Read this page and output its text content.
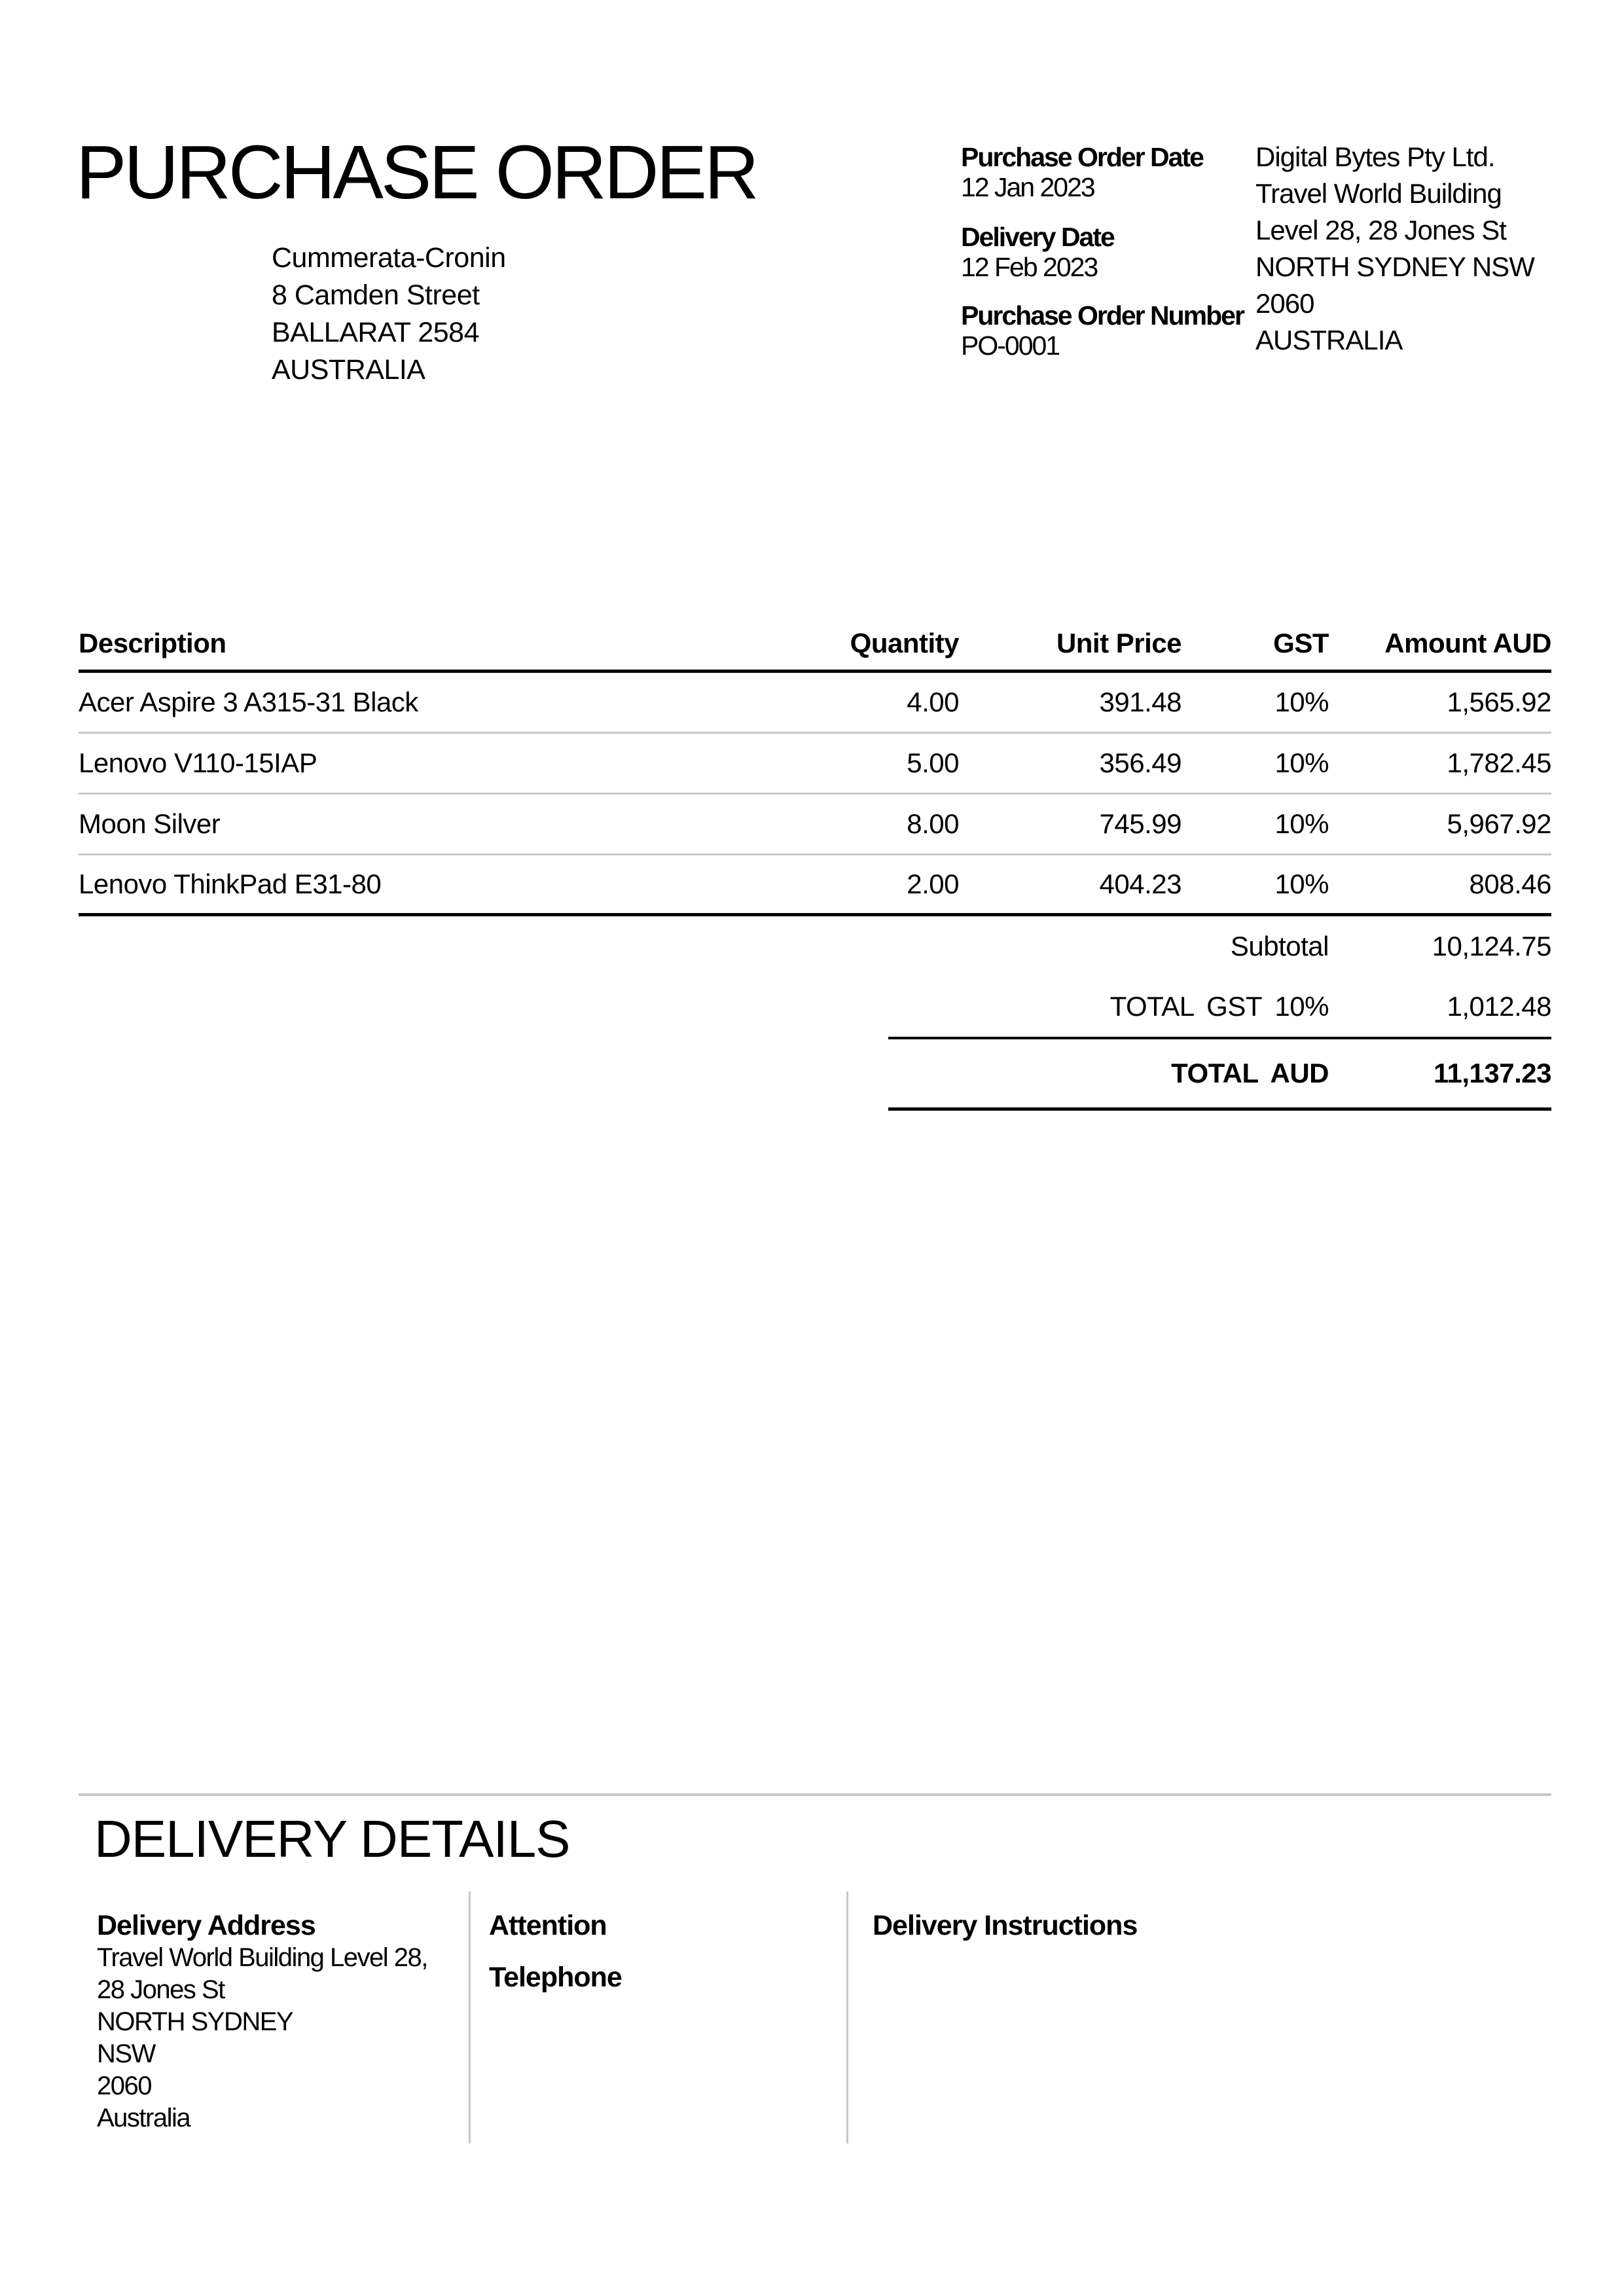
PURCHASE ORDER
Cummerata-Cronin
8 Camden Street
BALLARAT 2584
AUSTRALIA
Purchase Order Date
12 Jan 2023
Delivery Date
12 Feb 2023
Purchase Order Number
PO-0001
Digital Bytes Pty Ltd.
Travel World Building
Level 28, 28 Jones St
NORTH SYDNEY NSW
2060
AUSTRALIA
Description	Quantity	Unit Price	GST	Amount AUD
Acer Aspire 3 A315-31 Black	4.00	391.48	10%	1,565.92
Lenovo V110-15IAP	5.00	356.49	10%	1,782.45
Moon Silver	8.00	745.99	10%	5,967.92
Lenovo ThinkPad E31-80	2.00	404.23	10%	808.46
Subtotal	10,124.75
TOTAL GST 10%	1,012.48
TOTAL AUD	11,137.23
DELIVERY DETAILS
Delivery Address
Travel World Building Level 28,
28 Jones St
NORTH SYDNEY
NSW
2060
Australia
Attention
Telephone
Delivery Instructions
